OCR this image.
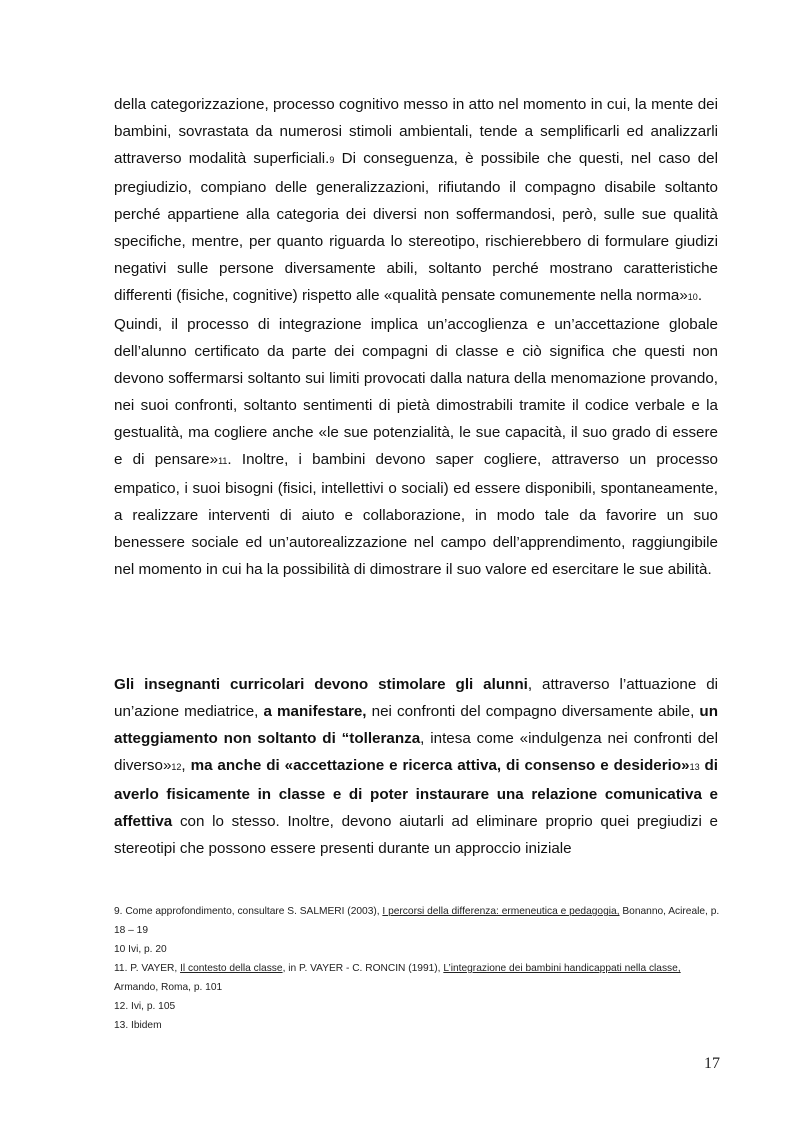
della categorizzazione, processo cognitivo messo in atto nel momento in cui, la mente dei bambini, sovrastata da numerosi stimoli ambientali, tende a semplificarli ed analizzarli attraverso modalità superficiali.9 Di conseguenza, è possibile che questi, nel caso del pregiudizio, compiano delle generalizzazioni, rifiutando il compagno disabile soltanto perché appartiene alla categoria dei diversi non soffermandosi, però, sulle sue qualità specifiche, mentre, per quanto riguarda lo stereotipo, rischierebbero di formulare giudizi negativi sulle persone diversamente abili, soltanto perché mostrano caratteristiche differenti (fisiche, cognitive) rispetto alle «qualità pensate comunemente nella norma»10.

Quindi, il processo di integrazione implica un’accoglienza e un’accettazione globale dell’alunno certificato da parte dei compagni di classe e ciò significa che questi non devono soffermarsi soltanto sui limiti provocati dalla natura della menomazione provando, nei suoi confronti, soltanto sentimenti di pietà dimostrabili tramite il codice verbale e la gestualità, ma cogliere anche «le sue potenzialità, le sue capacità, il suo grado di essere e di pensare»11. Inoltre, i bambini devono saper cogliere, attraverso un processo empatico, i suoi bisogni (fisici, intellettivi o sociali) ed essere disponibili, spontaneamente, a realizzare interventi di aiuto e collaborazione, in modo tale da favorire un suo benessere sociale ed un’autorealizzazione nel campo dell’apprendimento, raggiungibile nel momento in cui ha la possibilità di dimostrare il suo valore ed esercitare le sue abilità.

Gli insegnanti curricolari devono stimolare gli alunni, attraverso l’attuazione di un’azione mediatrice, a manifestare, nei confronti del compagno diversamente abile, un atteggiamento non soltanto di “tolleranza, intesa come «indulgenza nei confronti del diverso»12, ma anche di «accettazione e ricerca attiva, di consenso e desiderio»13 di averlo fisicamente in classe e di poter instaurare una relazione comunicativa e affettiva con lo stesso. Inoltre, devono aiutarli ad eliminare proprio quei pregiudizi e stereotipi che possono essere presenti durante un approccio iniziale

9. Come approfondimento, consultare S. SALMERI (2003), I percorsi della differenza: ermeneutica e pedagogia, Bonanno, Acireale, p. 18 – 19
10 Ivi, p. 20
11. P. VAYER, Il contesto della classe, in P. VAYER - C. RONCIN (1991), L’integrazione dei bambini handicappati nella classe, Armando, Roma, p. 101
12. Ivi, p. 105
13. Ibidem
17
